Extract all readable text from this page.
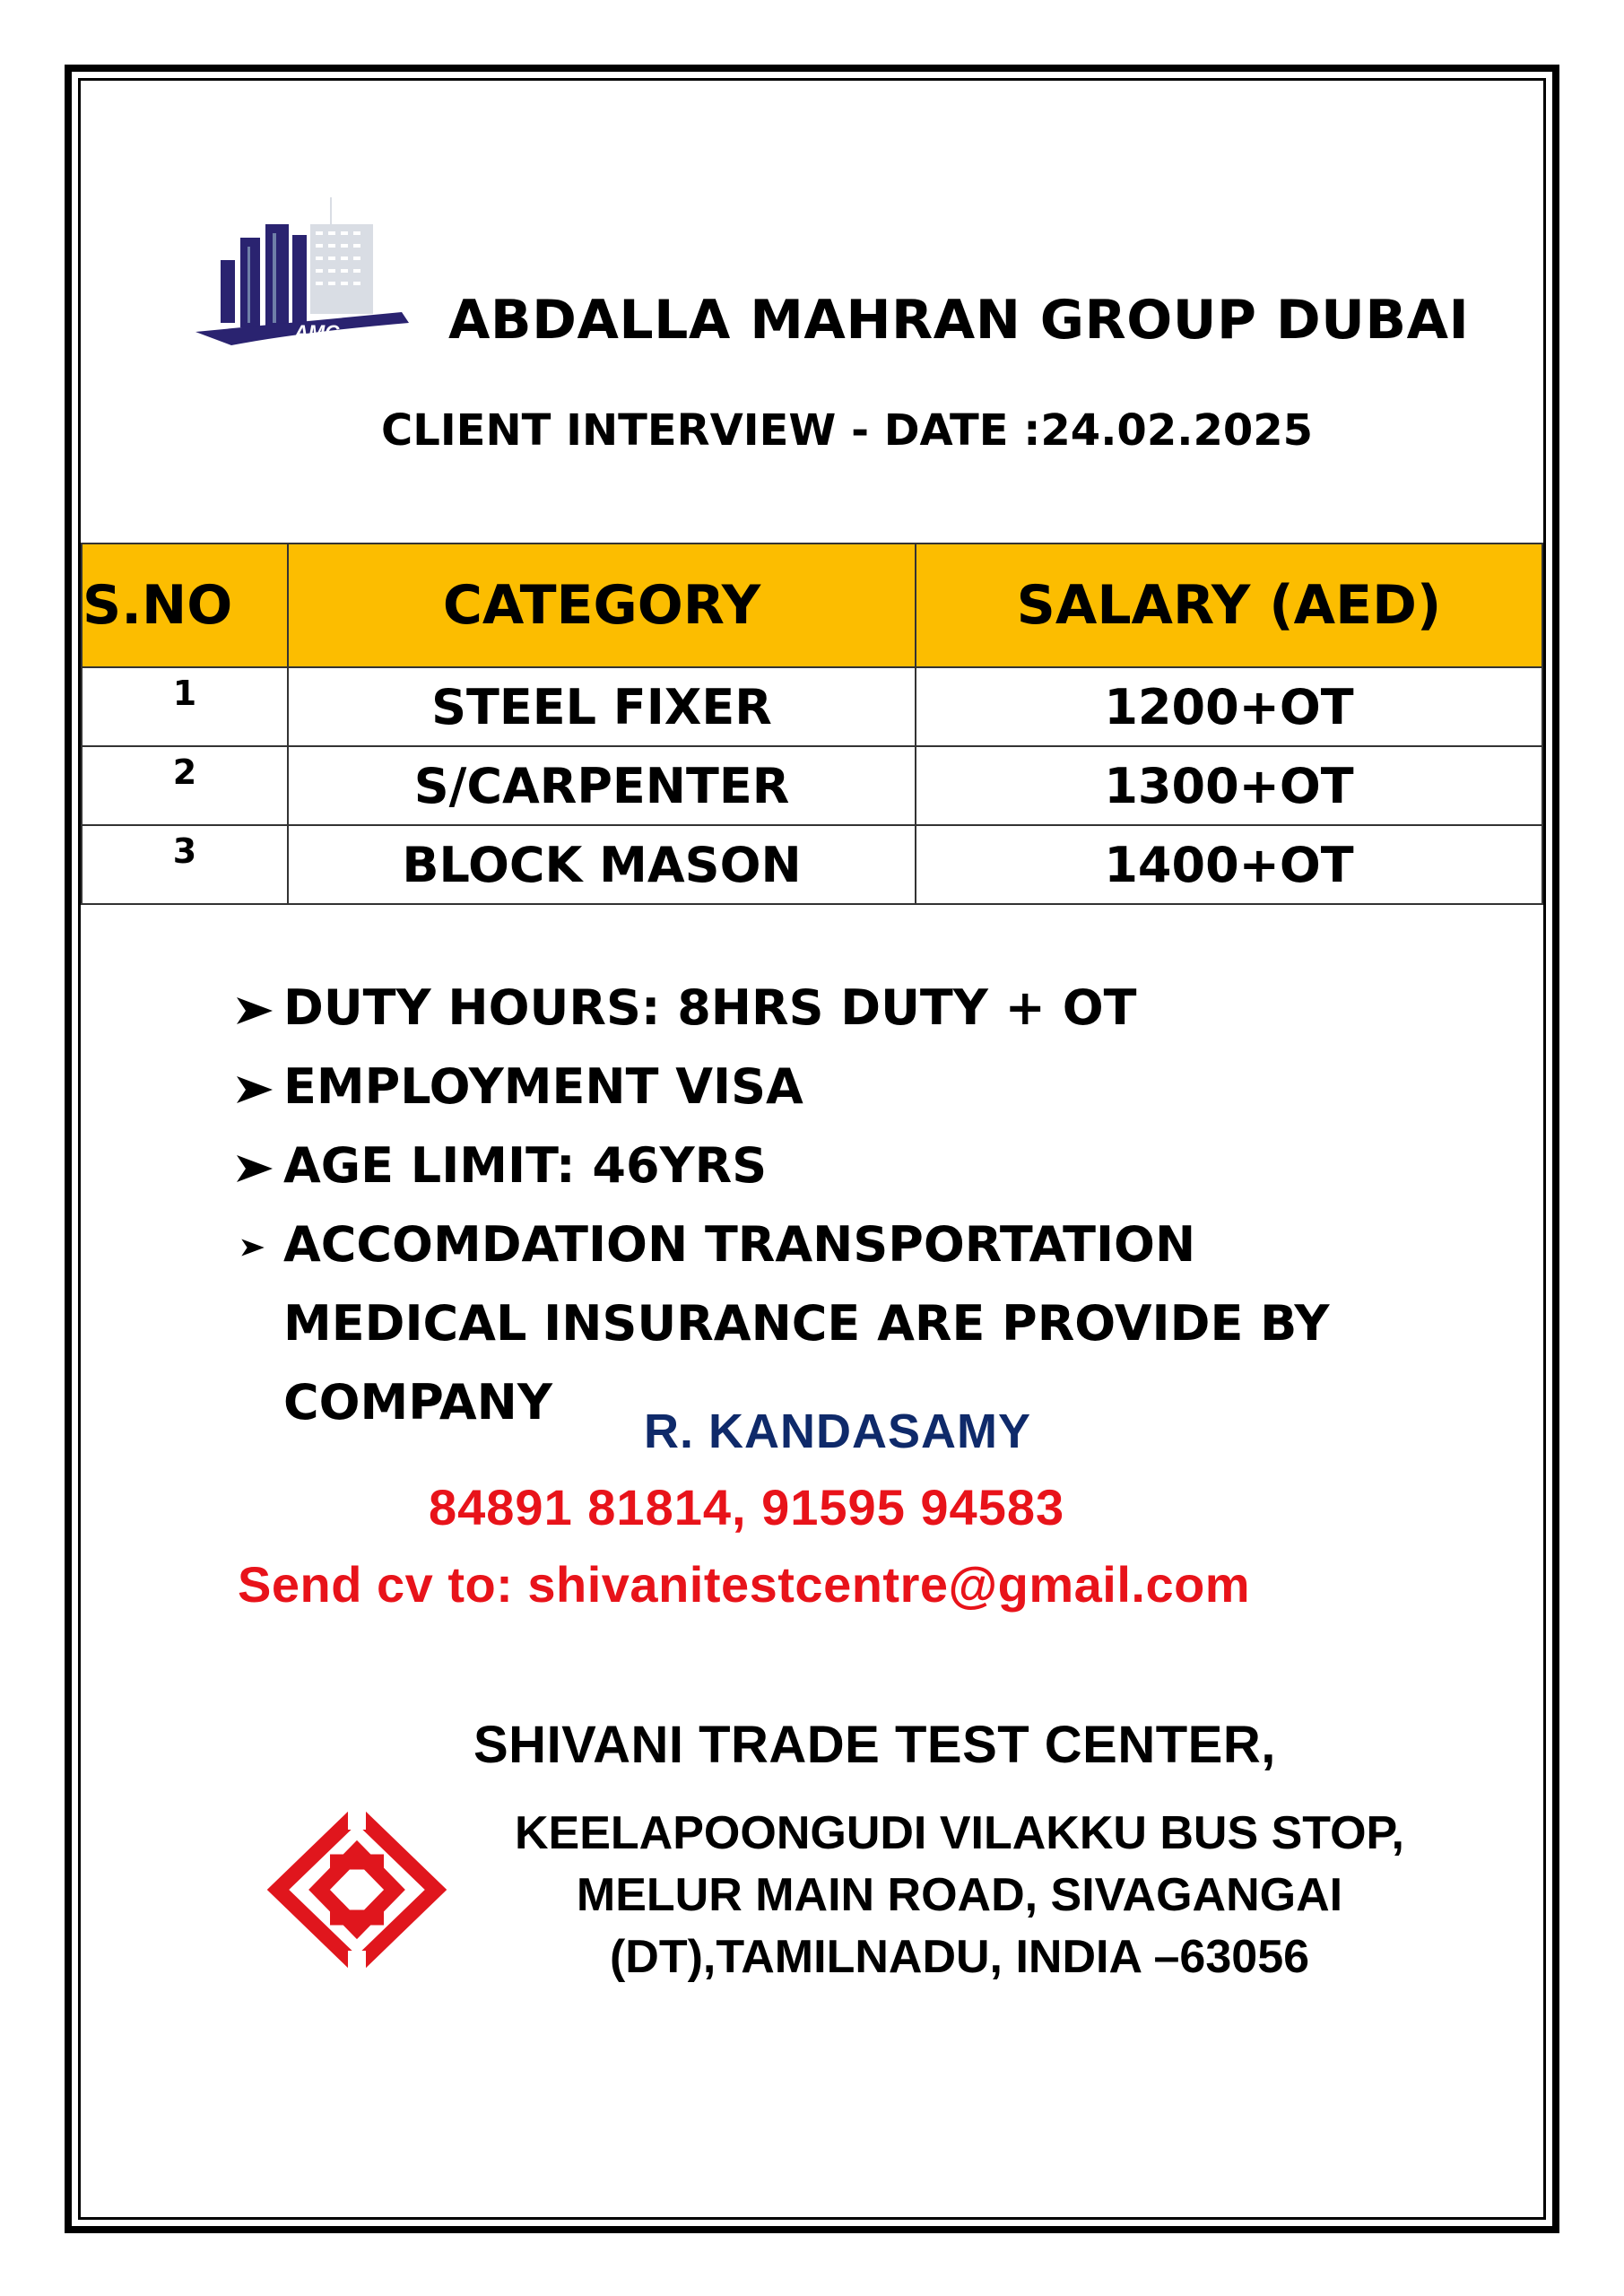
AMG ABDALLA MAHRAN GROUP DUBAI
CLIENT INTERVIEW - DATE :24.02.2025
S.NO	CATEGORY	SALARY (AED)
1	STEEL FIXER	1200+OT
2	S/CARPENTER	1300+OT
3	BLOCK MASON	1400+OT
DUTY HOURS: 8HRS DUTY + OT
EMPLOYMENT VISA
AGE LIMIT: 46YRS
ACCOMDATION TRANSPORTATION MEDICAL INSURANCE ARE PROVIDE BY COMPANY
R. KANDASAMY
84891 81814, 91595 94583
Send cv to: shivanitestcentre@gmail.com
SHIVANI TRADE TEST CENTER,
KEELAPOONGUDI VILAKKU BUS STOP,
MELUR MAIN ROAD, SIVAGANGAI
(DT),TAMILNADU, INDIA –63056
